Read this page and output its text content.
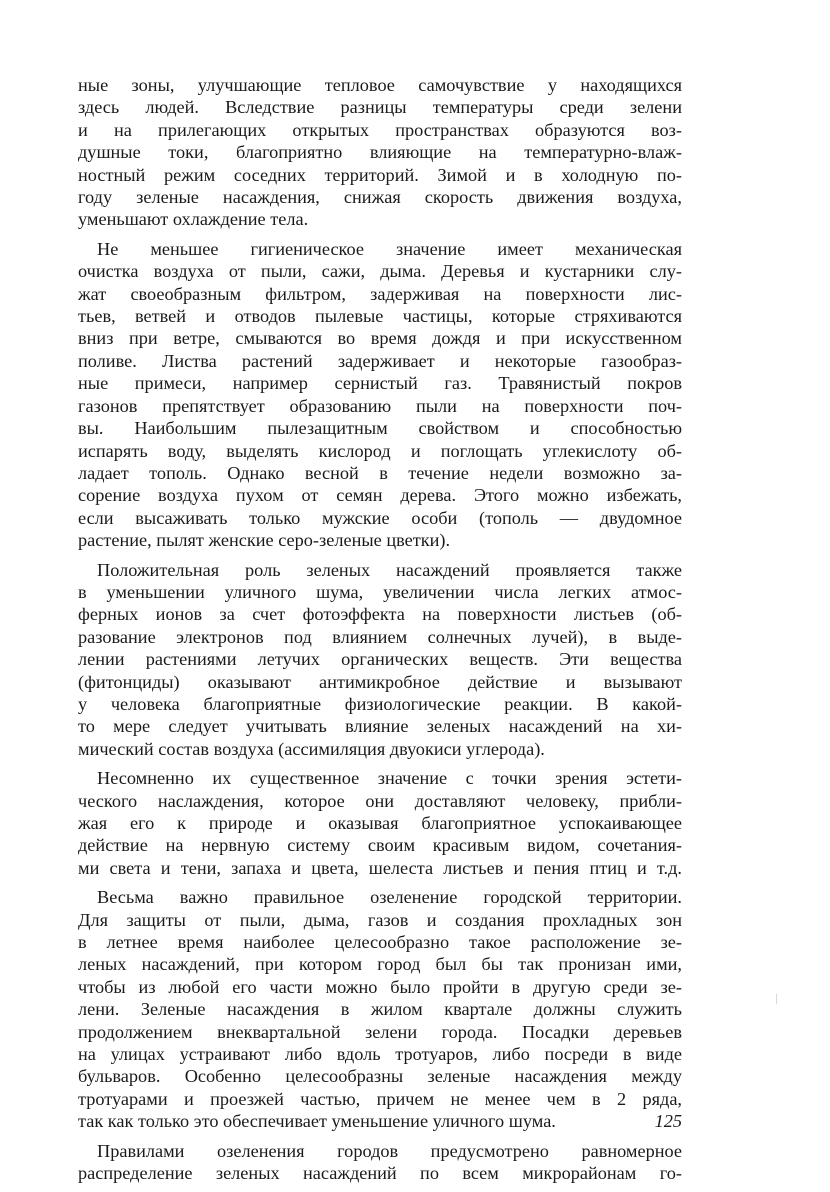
ные зоны, улучшающие тепловое самочувствие у находящихся
здесь людей. Вследствие разницы температуры среди зелени
и на прилегающих открытых пространствах образуются воз-
душные токи, благоприятно влияющие на температурно-влаж-
ностный режим соседних территорий. Зимой и в холодную по-
году зеленые насаждения, снижая скорость движения воздуха,
уменьшают охлаждение тела.
Не меньшее гигиеническое значение имеет механическая
очистка воздуха от пыли, сажи, дыма. Деревья и кустарники слу-
жат своеобразным фильтром, задерживая на поверхности лис-
тьев, ветвей и отводов пылевые частицы, которые стряхиваются
вниз при ветре, смываются во время дождя и при искусственном
поливе. Листва растений задерживает и некоторые газообраз-
ные примеси, например сернистый газ. Травянистый покров
газонов препятствует образованию пыли на поверхности поч-
вы. Наибольшим пылезащитным свойством и способностью
испарять воду, выделять кислород и поглощать углекислоту об-
ладает тополь. Однако весной в течение недели возможно за-
сорение воздуха пухом от семян дерева. Этого можно избежать,
если высаживать только мужские особи (тополь — двудомное
растение, пылят женские серо-зеленые цветки).
Положительная роль зеленых насаждений проявляется также
в уменьшении уличного шума, увеличении числа легких атмос-
ферных ионов за счет фотоэффекта на поверхности листьев (об-
разование электронов под влиянием солнечных лучей), в выде-
лении растениями летучих органических веществ. Эти вещества
(фитонциды) оказывают антимикробное действие и вызывают
у человека благоприятные физиологические реакции. В какой-
то мере следует учитывать влияние зеленых насаждений на хи-
мический состав воздуха (ассимиляция двуокиси углерода).
Несомненно их существенное значение с точки зрения эстети-
ческого наслаждения, которое они доставляют человеку, прибли-
жая его к природе и оказывая благоприятное успокаивающее
действие на нервную систему своим красивым видом, сочетания-
ми света и тени, запаха и цвета, шелеста листьев и пения птиц и т.д.
Весьма важно правильное озеленение городской территории.
Для защиты от пыли, дыма, газов и создания прохладных зон
в летнее время наиболее целесообразно такое расположение зе-
леных насаждений, при котором город был бы так пронизан ими,
чтобы из любой его части можно было пройти в другую среди зе-
лени. Зеленые насаждения в жилом квартале должны служить
продолжением внеквартальной зелени города. Посадки деревьев
на улицах устраивают либо вдоль тротуаров, либо посреди в виде
бульваров. Особенно целесообразны зеленые насаждения между
тротуарами и проезжей частью, причем не менее чем в 2 ряда,
так как только это обеспечивает уменьшение уличного шума.
Правилами озеленения городов предусмотрено равномерное
распределение зеленых насаждений по всем микрорайонам го-
125
